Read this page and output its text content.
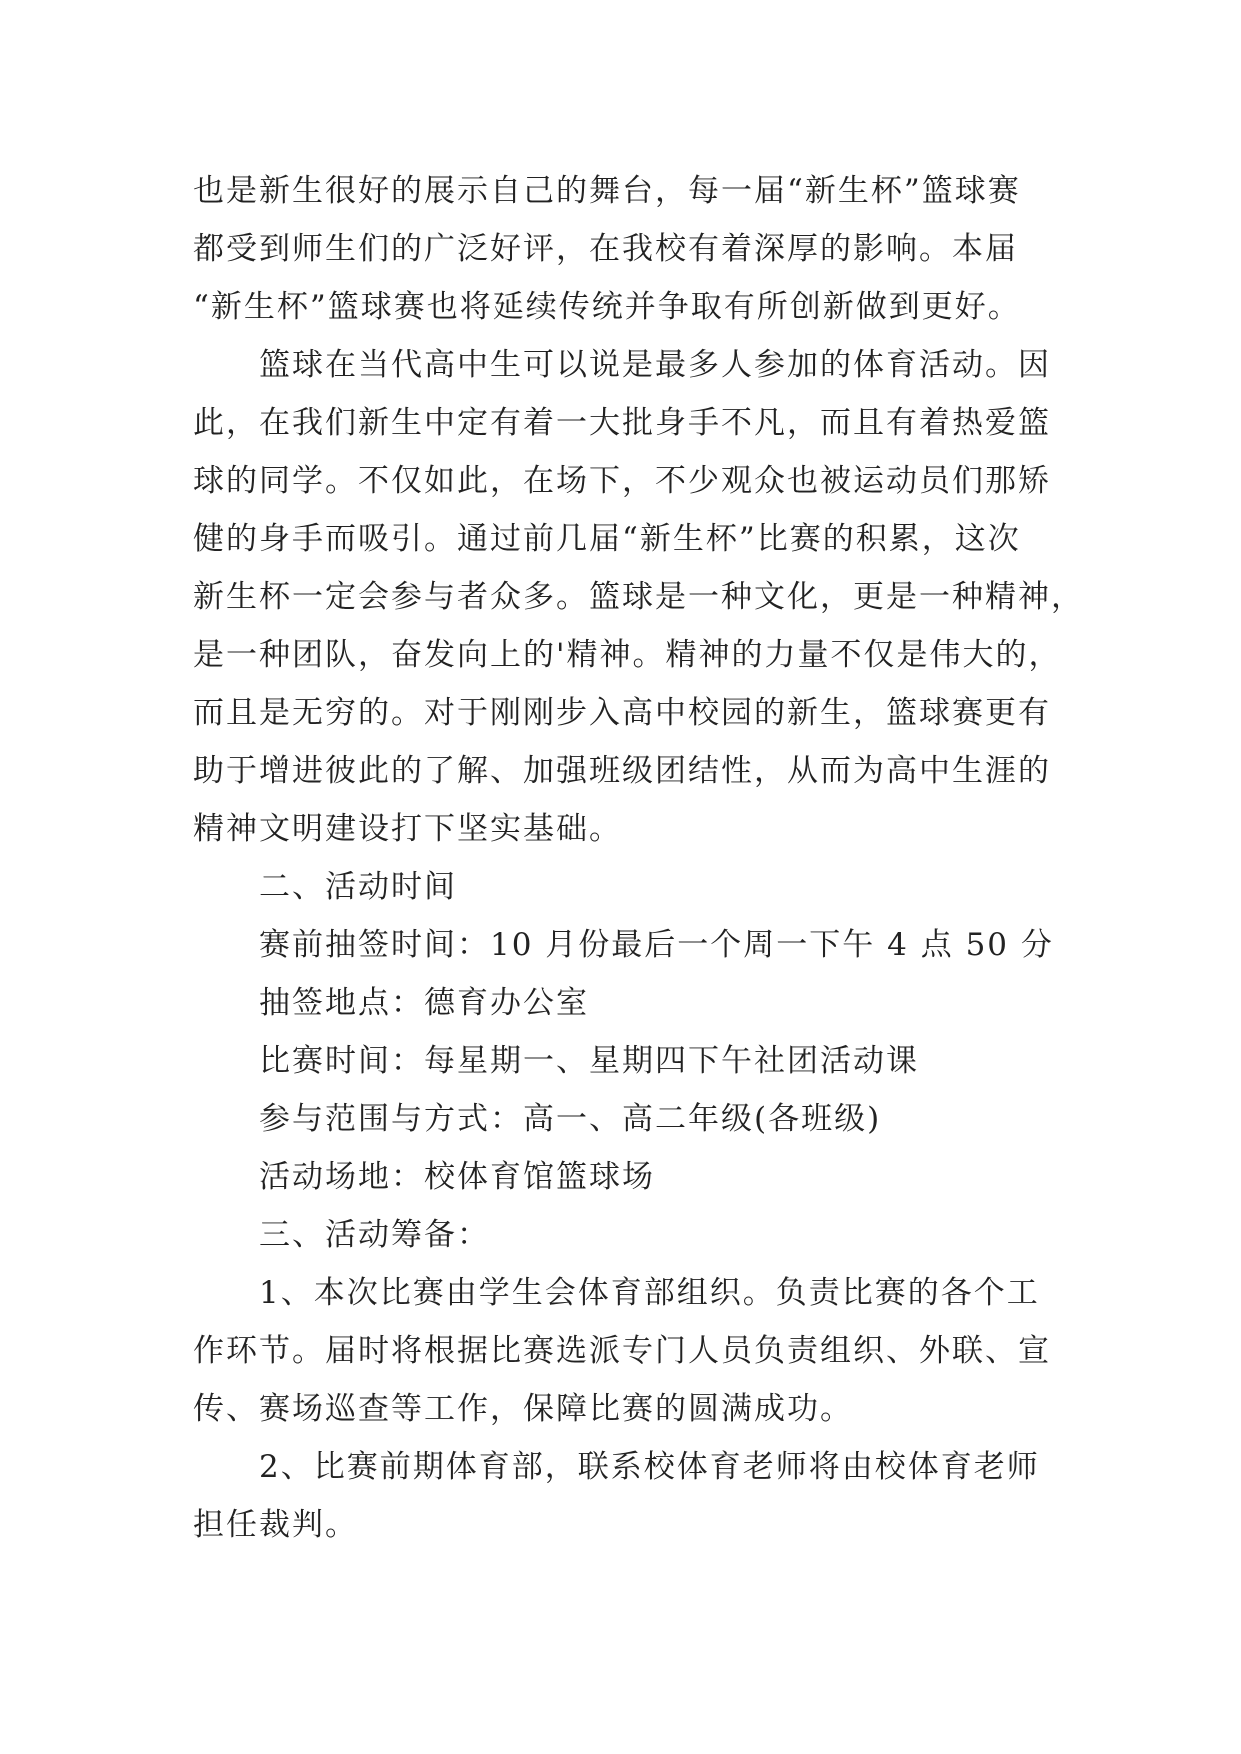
也是新生很好的展示自己的舞台，每一届“新生杯”篮球赛
都受到师生们的广泛好评，在我校有着深厚的影响。本届
“新生杯”篮球赛也将延续传统并争取有所创新做到更好。
篮球在当代高中生可以说是最多人参加的体育活动。因
此，在我们新生中定有着一大批身手不凡，而且有着热爱篮
球的同学。不仅如此，在场下，不少观众也被运动员们那矫
健的身手而吸引。通过前几届“新生杯”比赛的积累，这次
新生杯一定会参与者众多。篮球是一种文化，更是一种精神，
是一种团队，奋发向上的'精神。精神的力量不仅是伟大的，
而且是无穷的。对于刚刚步入高中校园的新生，篮球赛更有
助于增进彼此的了解、加强班级团结性，从而为高中生涯的
精神文明建设打下坚实基础。
二、活动时间
赛前抽签时间：10 月份最后一个周一下午 4 点 50 分
抽签地点：德育办公室
比赛时间：每星期一、星期四下午社团活动课
参与范围与方式：高一、高二年级(各班级)
活动场地：校体育馆篮球场
三、活动筹备：
1、本次比赛由学生会体育部组织。负责比赛的各个工
作环节。届时将根据比赛选派专门人员负责组织、外联、宣
传、赛场巡查等工作，保障比赛的圆满成功。
2、比赛前期体育部，联系校体育老师将由校体育老师
担任裁判。
